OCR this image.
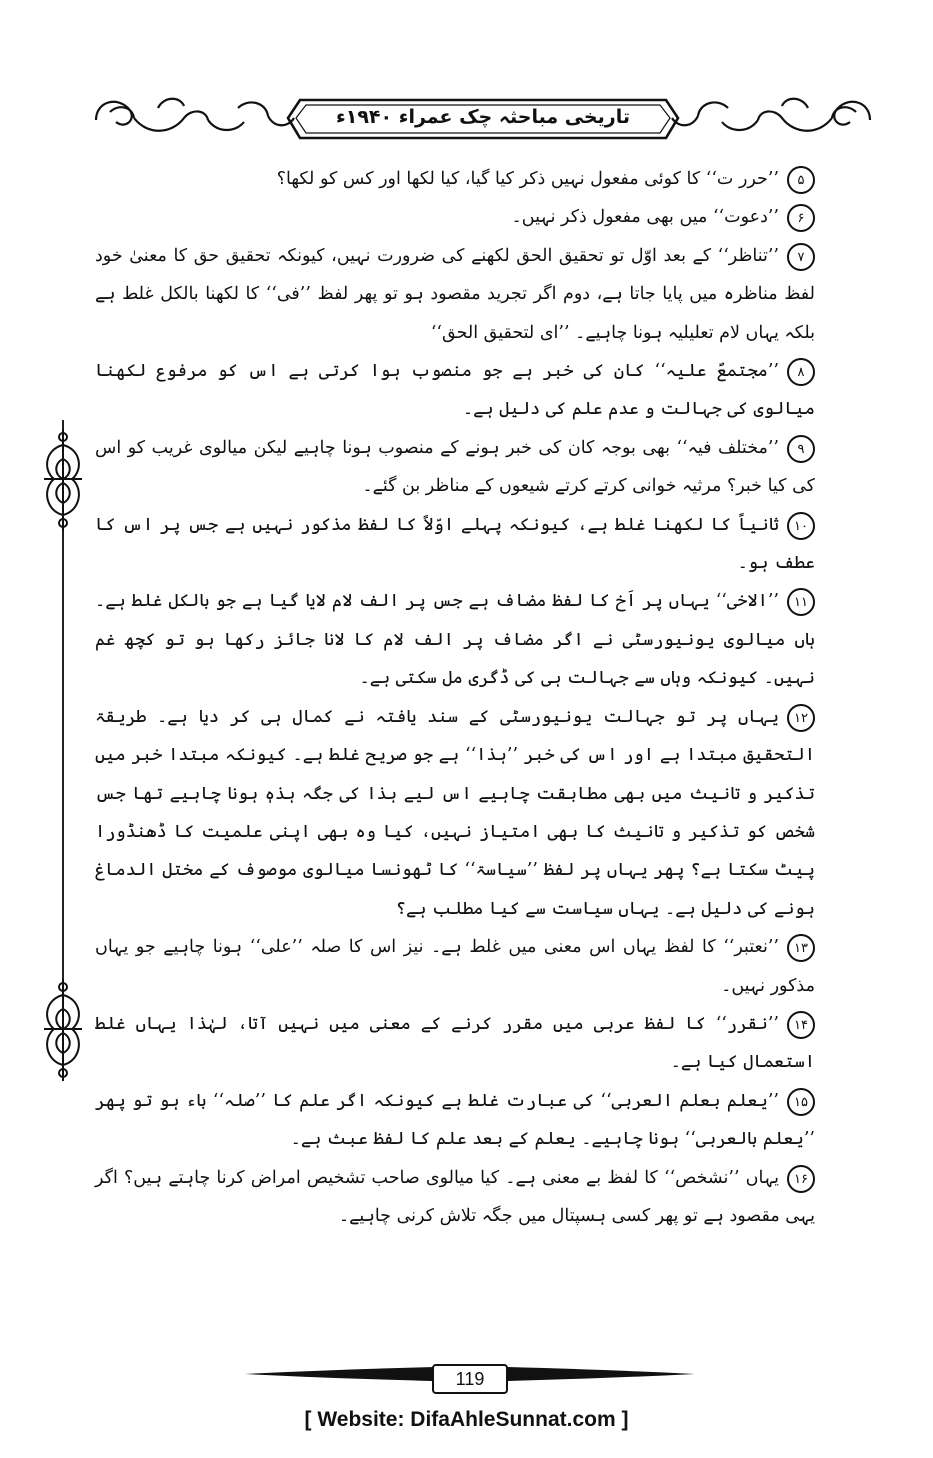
تاریخی مباحثہ چک عمراء ۱۹۴۰ء

۵’’حرر ت‘‘ کا کوئی مفعول نہیں ذکر کیا گیا، کیا لکھا اور کس کو لکھا؟

۶’’دعوت‘‘ میں بھی مفعول ذکر نہیں۔

۷’’تناظر‘‘ کے بعد اوّل تو تحقیق الحق لکھنے کی ضرورت نہیں، کیونکہ تحقیق حق کا معنیٰ خود لفظ مناظرہ میں پایا جاتا ہے، دوم اگر تجرید مقصود ہو تو پھر لفظ ’’فی‘‘ کا لکھنا بالکل غلط ہے بلکہ یہاں لام تعلیلیہ ہونا چاہیے۔ ’’ای لتحقیق الحق‘‘

۸’’مجتمعٌ علیہ‘‘ کان کی خبر ہے جو منصوب ہوا کرتی ہے اس کو مرفوع لکھنا میالوی کی جہالت و عدم علم کی دلیل ہے۔

۹’’مختلف فیہ‘‘ بھی بوجہ کان کی خبر ہونے کے منصوب ہونا چاہیے لیکن میالوی غریب کو اس کی کیا خبر؟ مرثیہ خوانی کرتے کرتے شیعوں کے مناظر بن گئے۔

۱۰ثانیاً کا لکھنا غلط ہے، کیونکہ پہلے اوّلاً کا لفظ مذکور نہیں ہے جس پر اس کا عطف ہو۔

۱۱’’الاخی‘‘ یہاں پر اَخ کا لفظ مضاف ہے جس پر الف لام لایا گیا ہے جو بالکل غلط ہے۔ ہاں میالوی یونیورسٹی نے اگر مضاف پر الف لام کا لانا جائز رکھا ہو تو کچھ غم نہیں۔ کیونکہ وہاں سے جہالت ہی کی ڈگری مل سکتی ہے۔

۱۲یہاں پر تو جہالت یونیورسٹی کے سند یافتہ نے کمال ہی کر دیا ہے۔ طریقۃ التحقیق مبتدا ہے اور اس کی خبر ’’ہذا‘‘ ہے جو صریح غلط ہے۔ کیونکہ مبتدا خبر میں تذکیر و تانیث میں بھی مطابقت چاہیے اس لیے ہذا کی جگہ ہذہٖ ہونا چاہیے تھا جس شخص کو تذکیر و تانیث کا بھی امتیاز نہیں، کیا وہ بھی اپنی علمیت کا ڈھنڈورا پیٹ سکتا ہے؟ پھر یہاں پر لفظ ’’سیاسۃ‘‘ کا ٹھونسا میالوی موصوف کے مختل الدماغ ہونے کی دلیل ہے۔ یہاں سیاست سے کیا مطلب ہے؟

۱۳’’نعتبر‘‘ کا لفظ یہاں اس معنی میں غلط ہے۔ نیز اس کا صلہ ’’علی‘‘ ہونا چاہیے جو یہاں مذکور نہیں۔

۱۴’’نقرر‘‘ کا لفظ عربی میں مقرر کرنے کے معنی میں نہیں آتا، لہٰذا یہاں غلط استعمال کیا ہے۔

۱۵’’یعلم بعلم العربی‘‘ کی عبارت غلط ہے کیونکہ اگر علم کا ’’صلہ‘‘ باء ہو تو پھر ’’یعلم بالعربی‘‘ ہونا چاہیے۔ یعلم کے بعد علم کا لفظ عبث ہے۔

۱۶یہاں ’’نشخص‘‘ کا لفظ بے معنی ہے۔ کیا میالوی صاحب تشخیص امراض کرنا چاہتے ہیں؟ اگر یہی مقصود ہے تو پھر کسی ہسپتال میں جگہ تلاش کرنی چاہیے۔

119
[ Website: DifaAhleSunnat.com ]
